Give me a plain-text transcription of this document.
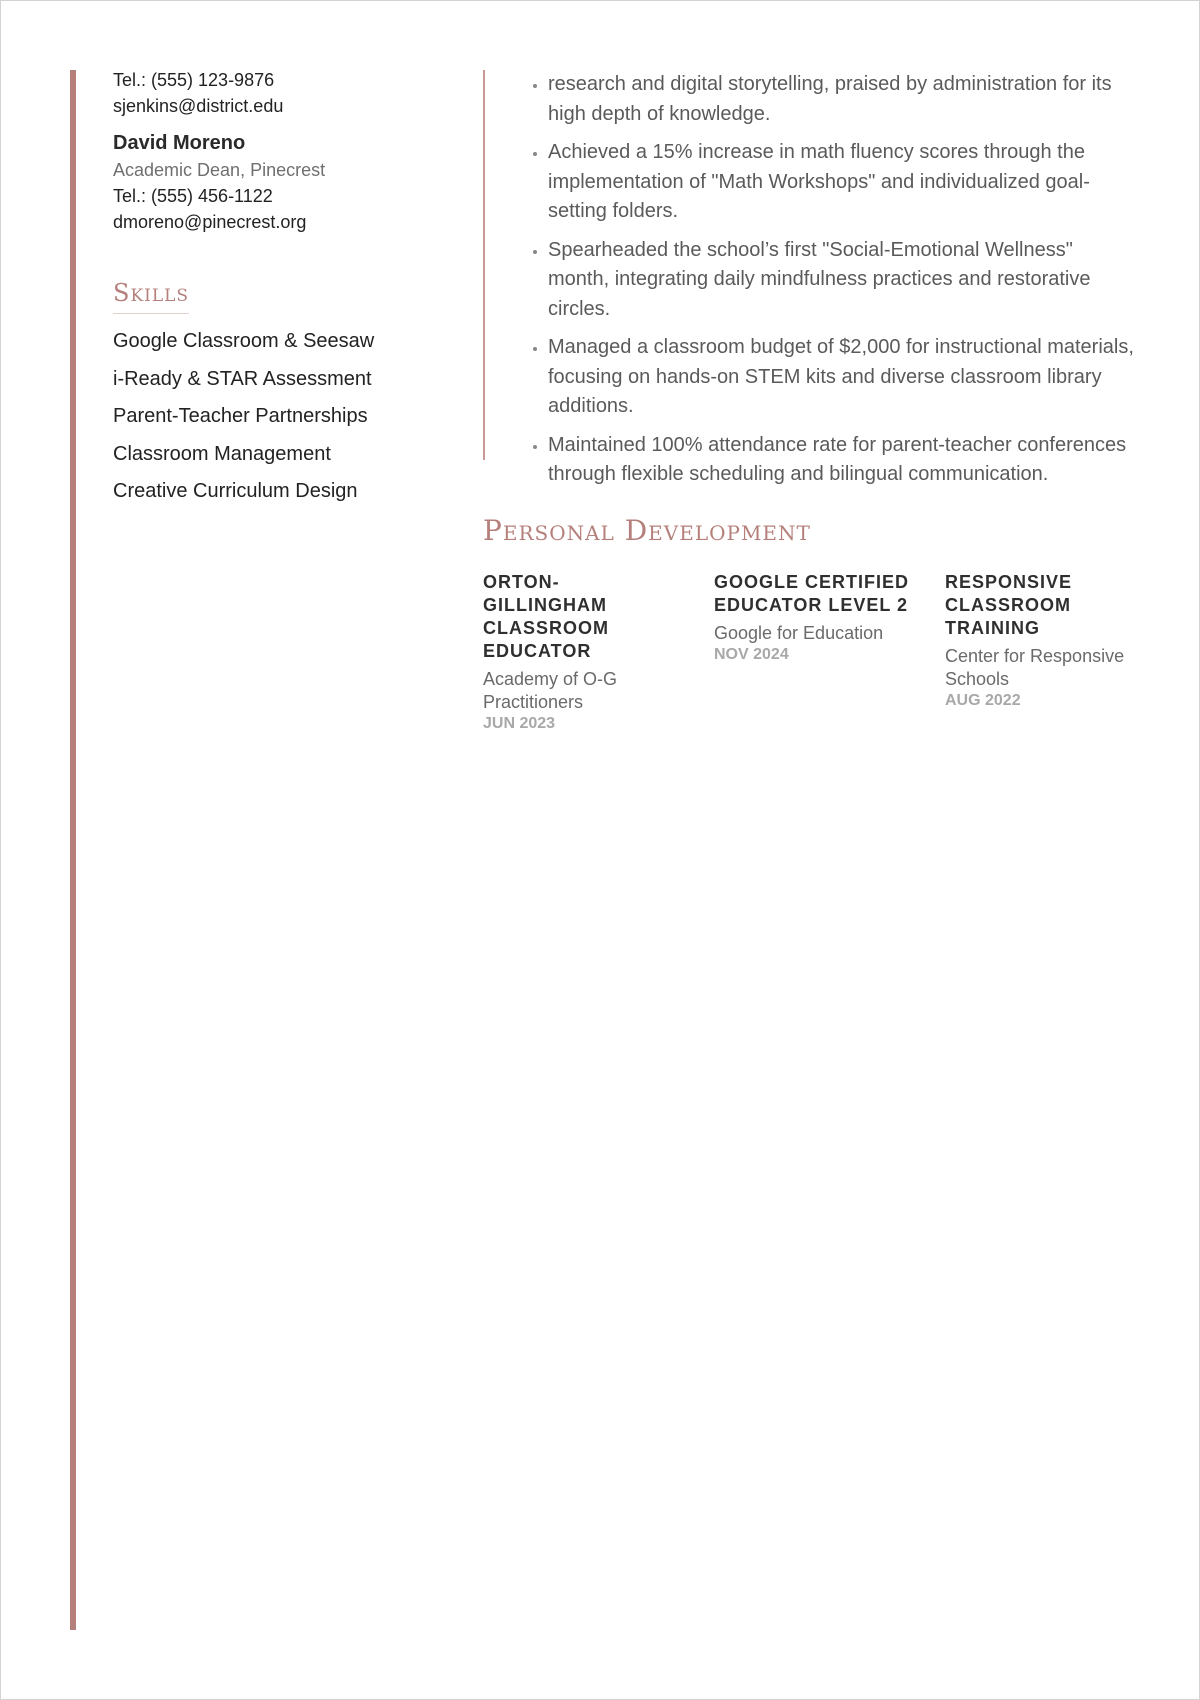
Tel.: (555) 123-9876
sjenkins@district.edu
David Moreno
Academic Dean, Pinecrest
Tel.: (555) 456-1122
dmoreno@pinecrest.org
Skills
Google Classroom & Seesaw
i-Ready & STAR Assessment
Parent-Teacher Partnerships
Classroom Management
Creative Curriculum Design
• research and digital storytelling, praised by administration for its high depth of knowledge.
• Achieved a 15% increase in math fluency scores through the implementation of "Math Workshops" and individualized goal-setting folders.
• Spearheaded the school’s first "Social-Emotional Wellness" month, integrating daily mindfulness practices and restorative circles.
• Managed a classroom budget of $2,000 for instructional materials, focusing on hands-on STEM kits and diverse classroom library additions.
• Maintained 100% attendance rate for parent-teacher conferences through flexible scheduling and bilingual communication.
Personal Development
ORTON-GILLINGHAM CLASSROOM EDUCATOR
Academy of O-G Practitioners
JUN 2023
GOOGLE CERTIFIED EDUCATOR LEVEL 2
Google for Education
NOV 2024
RESPONSIVE CLASSROOM TRAINING
Center for Responsive Schools
AUG 2022
